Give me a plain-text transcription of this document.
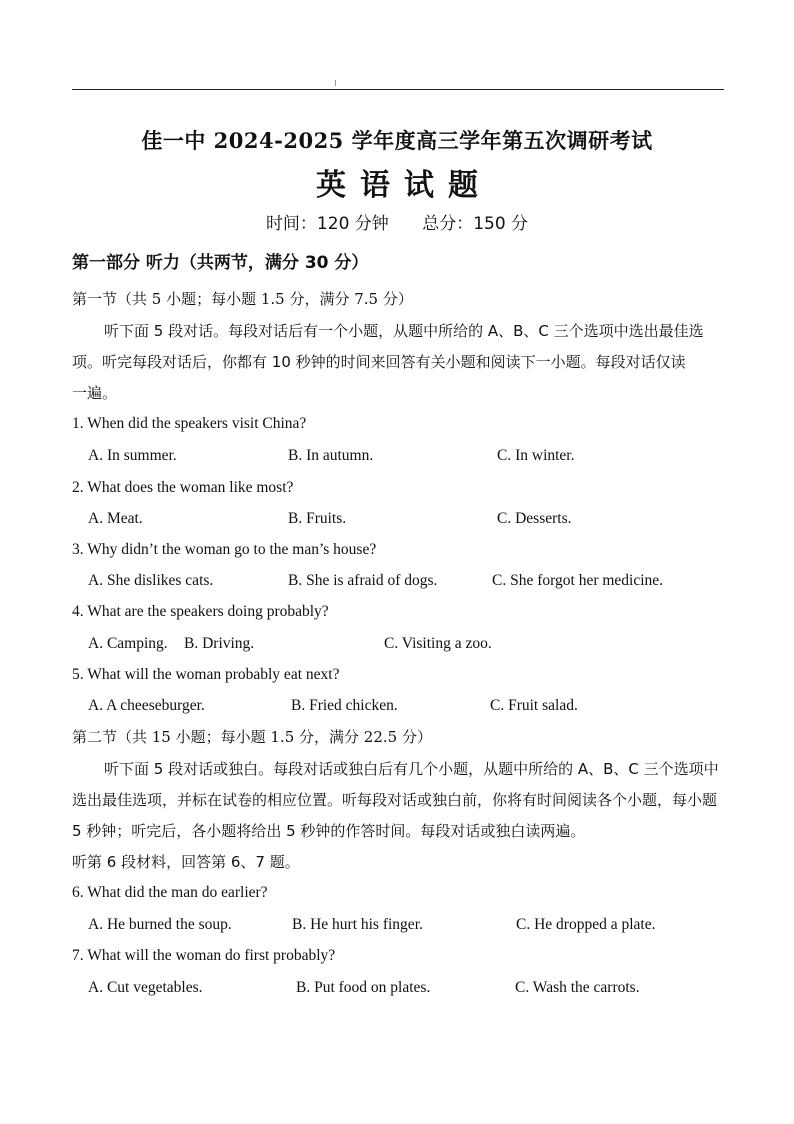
佳一中 2024-2025 学年度高三学年第五次调研考试
英语试题
时间：120 分钟 总分：150 分
第一部分 听力（共两节，满分 30 分）
第一节（共 5 小题；每小题 1.5 分，满分 7.5 分）
听下面 5 段对话。每段对话后有一个小题，从题中所给的 A、B、C 三个选项中选出最佳选
项。听完每段对话后，你都有 10 秒钟的时间来回答有关小题和阅读下一小题。每段对话仅读
一遍。
1. When did the speakers visit China?
A. In summer.	B. In autumn.	C. In winter.
2. What does the woman like most?
A. Meat.	B. Fruits.	C. Desserts.
3. Why didn’t the woman go to the man’s house?
A. She dislikes cats.	B. She is afraid of dogs.	C. She forgot her medicine.
4. What are the speakers doing probably?
A. Camping. B. Driving.	C. Visiting a zoo.
5. What will the woman probably eat next?
A. A cheeseburger.	B. Fried chicken.	C. Fruit salad.
第二节（共 15 小题；每小题 1.5 分，满分 22.5 分）
听下面 5 段对话或独白。每段对话或独白后有几个小题，从题中所给的 A、B、C 三个选项中
选出最佳选项，并标在试卷的相应位置。听每段对话或独白前，你将有时间阅读各个小题，每小题
5 秒钟；听完后，各小题将给出 5 秒钟的作答时间。每段对话或独白读两遍。
听第 6 段材料，回答第 6、7 题。
6. What did the man do earlier?
A. He burned the soup.	B. He hurt his finger.	C. He dropped a plate.
7. What will the woman do first probably?
A. Cut vegetables.	B. Put food on plates.	C. Wash the carrots.
